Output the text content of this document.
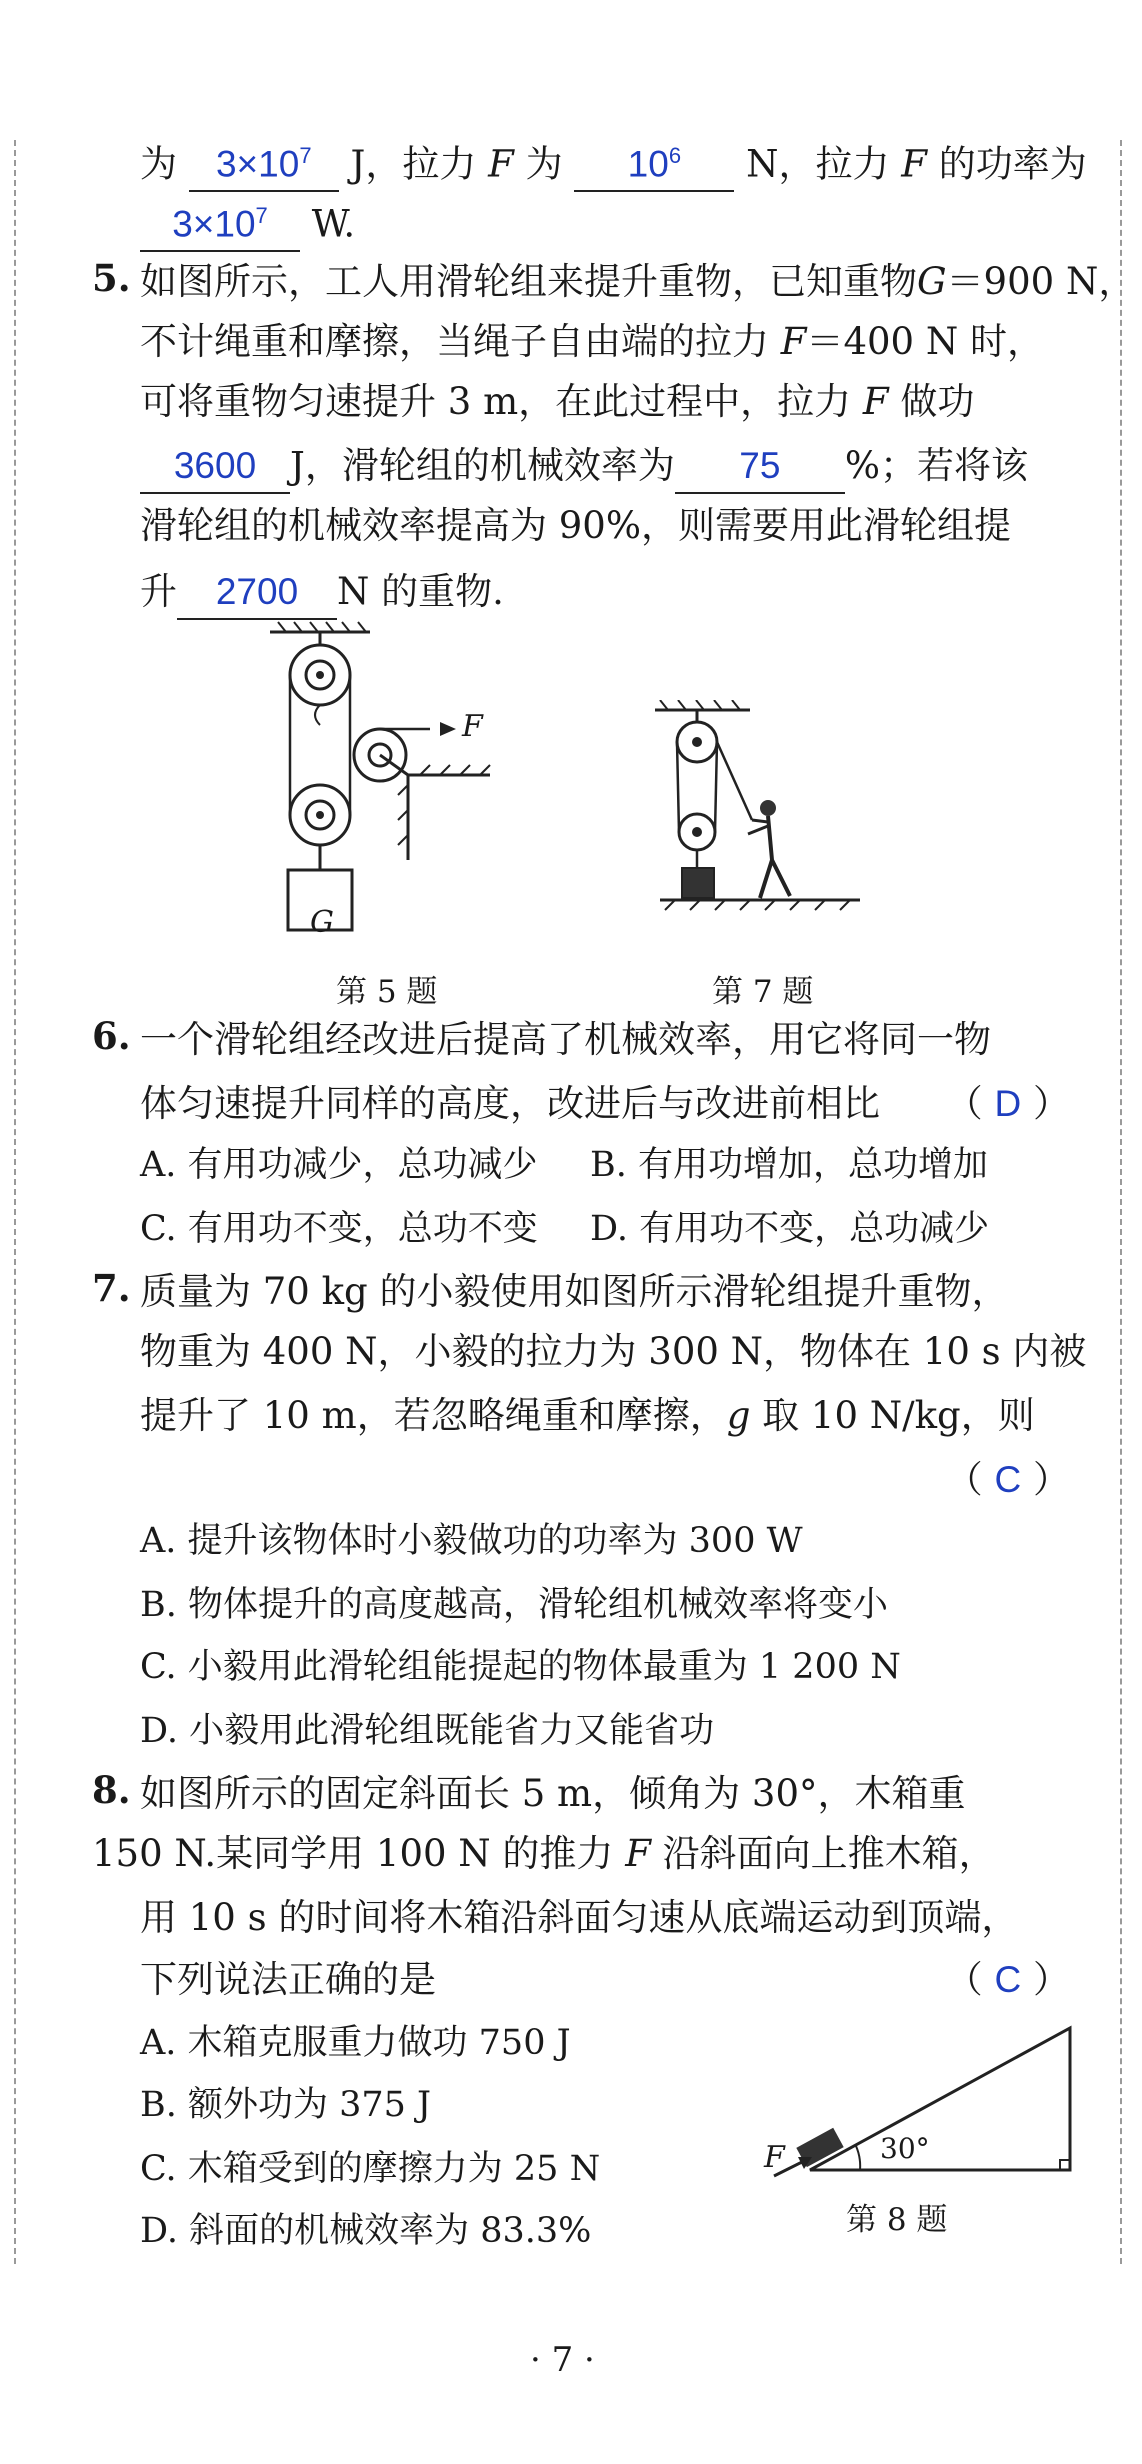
为 $3\times 10^7$ J，拉力 F 为 $10^6$ N，拉力 F 的功率为
$3\times 10^7$ W.
5. 如图所示，工人用滑轮组来提升重物，已知重物G＝900 N，
不计绳重和摩擦，当绳子自由端的拉力 F＝400 N 时，
可将重物匀速提升 3 m，在此过程中，拉力 F 做功
3600 J，滑轮组的机械效率为 75 %；若将该
滑轮组的机械效率提高为 90%，则需要用此滑轮组提
升 2700 N 的重物.
F
G
第 5 题	第 7 题
6. 一个滑轮组经改进后提高了机械效率，用它将同一物
体匀速提升同样的高度，改进后与改进前相比	（ D ）
A. 有用功减少，总功减少 B. 有用功增加，总功增加
C. 有用功不变，总功不变 D. 有用功不变，总功减少
7. 质量为 70 kg 的小毅使用如图所示滑轮组提升重物，
物重为 400 N，小毅的拉力为 300 N，物体在 10 s 内被
提升了 10 m，若忽略绳重和摩擦，g 取 10 N/kg，则
（ C ）
A. 提升该物体时小毅做功的功率为 300 W
B. 物体提升的高度越高，滑轮组机械效率将变小
C. 小毅用此滑轮组能提起的物体最重为 1 200 N
D. 小毅用此滑轮组既能省力又能省功
8. 如图所示的固定斜面长 5 m，倾角为 30°，木箱重
150 N.某同学用 100 N 的推力 F 沿斜面向上推木箱，
用 10 s 的时间将木箱沿斜面匀速从底端运动到顶端，
下列说法正确的是	（ C ）
A. 木箱克服重力做功 750 J
B. 额外功为 375 J
C. 木箱受到的摩擦力为 25 N
D. 斜面的机械效率为 83.3%
F	30°
第 8 题
· 7 ·
